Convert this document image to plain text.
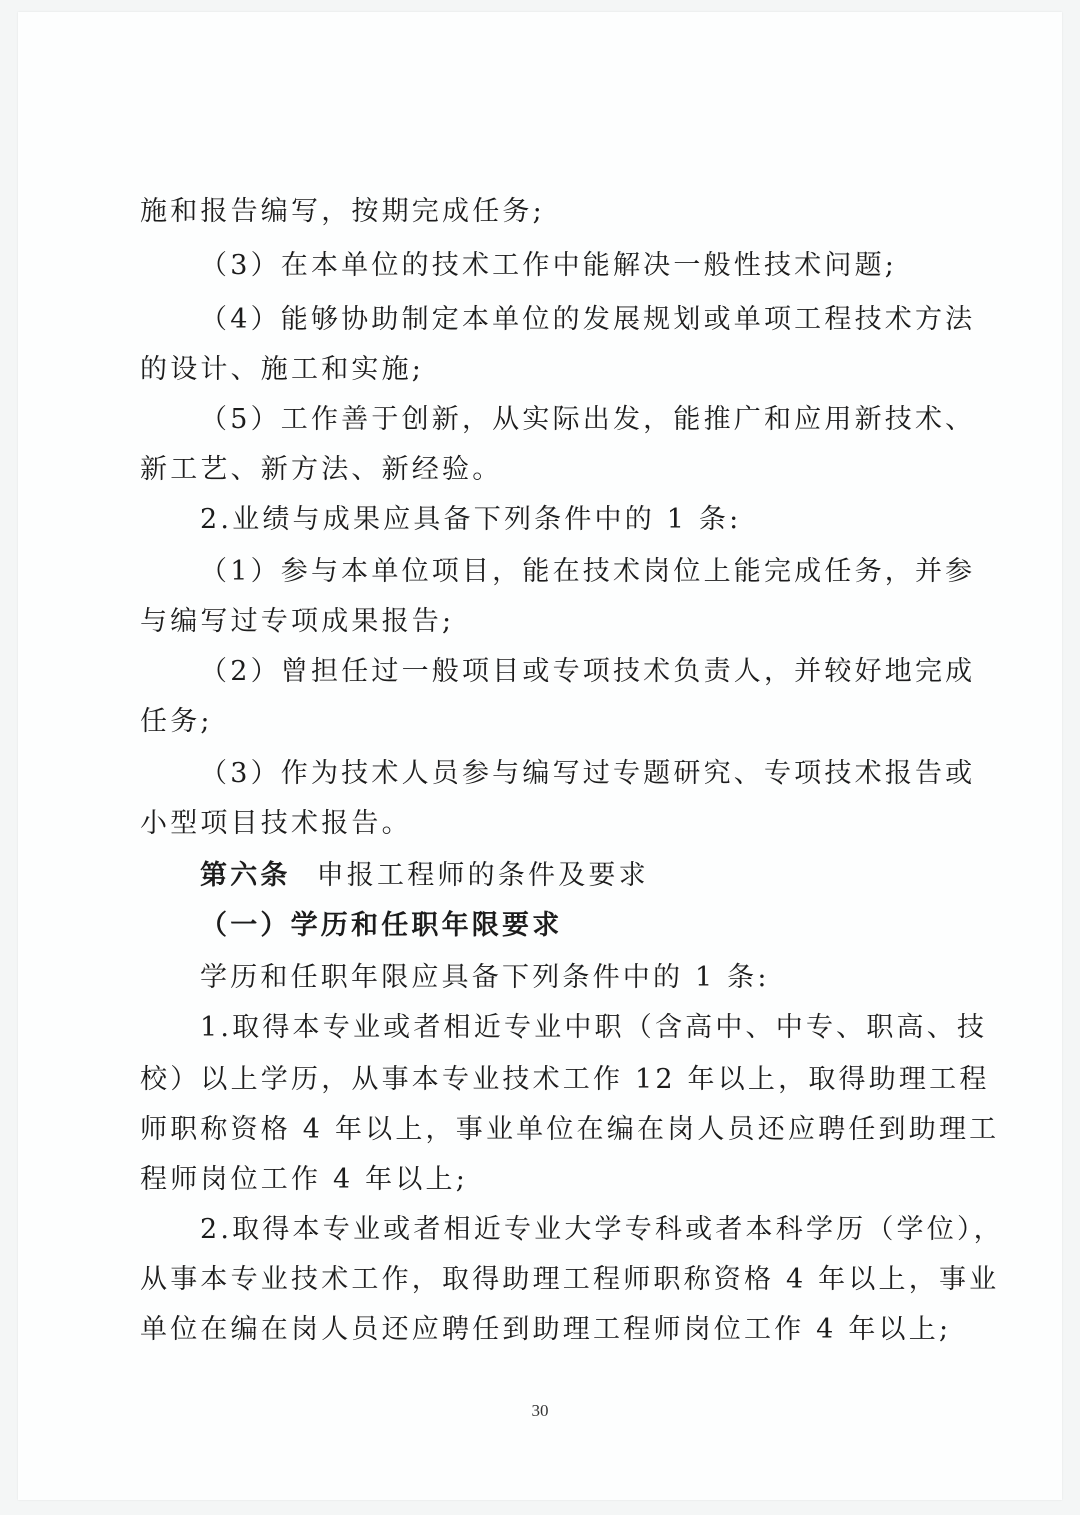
施和报告编写，按期完成任务;
（3）在本单位的技术工作中能解决一般性技术问题;
（4）能够协助制定本单位的发展规划或单项工程技术方法
的设计、施工和实施;
（5）工作善于创新，从实际出发，能推广和应用新技术、
新工艺、新方法、新经验。
2.业绩与成果应具备下列条件中的 1 条:
（1）参与本单位项目，能在技术岗位上能完成任务，并参
与编写过专项成果报告;
（2）曾担任过一般项目或专项技术负责人，并较好地完成
任务;
（3）作为技术人员参与编写过专题研究、专项技术报告或
小型项目技术报告。
第六条 申报工程师的条件及要求
（一）学历和任职年限要求
学历和任职年限应具备下列条件中的 1 条:
1.取得本专业或者相近专业中职（含高中、中专、职高、技
校）以上学历，从事本专业技术工作 12 年以上，取得助理工程
师职称资格 4 年以上，事业单位在编在岗人员还应聘任到助理工
程师岗位工作 4 年以上;
2.取得本专业或者相近专业大学专科或者本科学历（学位），
从事本专业技术工作，取得助理工程师职称资格 4 年以上，事业
单位在编在岗人员还应聘任到助理工程师岗位工作 4 年以上;
30
